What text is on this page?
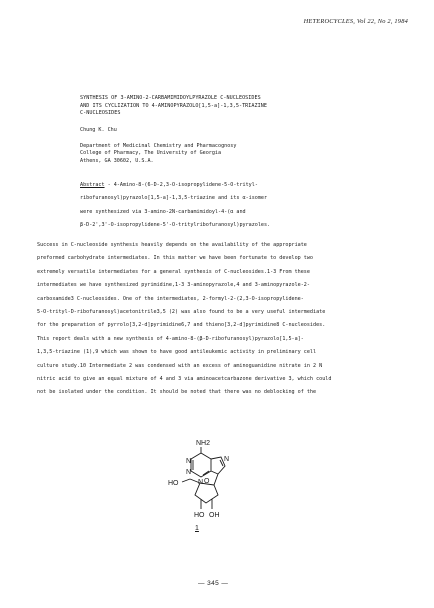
HETEROCYCLES, Vol 22, No 2, 1984
SYNTHESIS OF 3-AMINO-2-CARBAMIMIDOYLPYRAZOLE C-NUCLEOSIDES
AND ITS CYCLIZATION TO 4-AMINOPYRAZOLO[1,5-a]-1,3,5-TRIAZINE
C-NUCLEOSIDES
Chung K. Chu
Department of Medicinal Chemistry and Pharmacognosy
College of Pharmacy, The University of Georgia
Athens, GA 30602, U.S.A.
Abstract - 4-Amino-8-(6-D-2,3-O-isopropylidene-5-O-trityl-
ribofuranosyl)pyrazolo[1,5-a]-1,3,5-triazine and its α-isomer
were synthesized via 3-amino-2N-carbamimidoyl-4-(α and
β-D-2',3'-O-isopropylidene-5'-O-tritylribofuranosyl)pyrazoles.
Success in C-nucleoside synthesis heavily depends on the availability of the appropriate
preformed carbohydrate intermediates. In this matter we have been fortunate to develop two
extremely versatile intermediates for a general synthesis of C-nucleosides.1-3 From these
intermediates we have synthesized pyrimidine,1-3 3-aminopyrazole,4 and 3-aminopyrazole-2-
carboxamide3 C-nucleosides. One of the intermediates, 2-formyl-2-(2,3-O-isopropylidene-
5-O-trityl-D-ribofuranosyl)acetonitrile3,5 (2) was also found to be a very useful intermediate
for the preparation of pyrrolo[3,2-d]pyrimidine6,7 and thieno[3,2-d]pyrimidine8 C-nucleosides.
This report deals with a new synthesis of 4-amino-8-(β-D-ribofuranosyl)pyrazolo[1,5-a]-
1,3,5-triazine (1),9 which was shown to have good antileukemic activity in preliminary cell
culture study.10 Intermediate 2 was condensed with an excess of aminoguanidine nitrate in 2 N
nitric acid to give an equal mixture of 4 and 3 via aminoacetcarbazone derivative 3, which could
not be isolated under the condition. It should be noted that there was no deblocking of the
NH2
N
N
N
N
HO	O
HO OH
1
— 345 —
